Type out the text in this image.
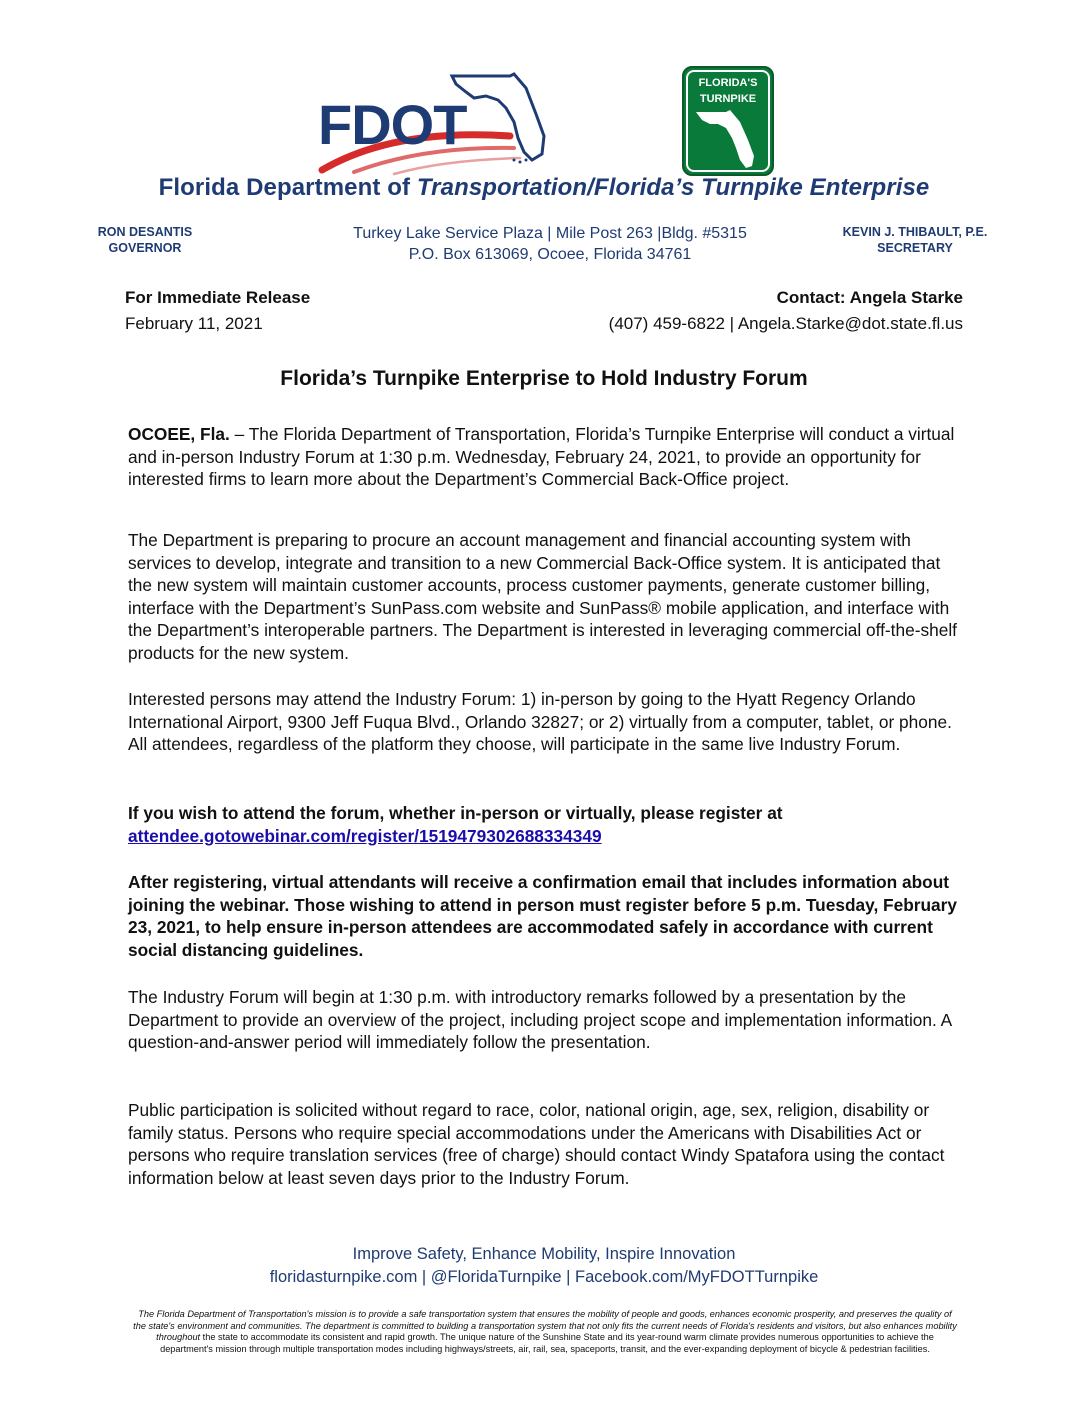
FDOT
FLORIDA'S
TURNPIKE
Florida Department of Transportation/Florida’s Turnpike Enterprise
RON DESANTIS
GOVERNOR
Turkey Lake Service Plaza | Mile Post 263 |Bldg. #5315
P.O. Box 613069, Ocoee, Florida 34761
KEVIN J. THIBAULT, P.E.
SECRETARY
For Immediate Release
February 11, 2021
Contact: Angela Starke
(407) 459-6822 | Angela.Starke@dot.state.fl.us
Florida’s Turnpike Enterprise to Hold Industry Forum
OCOEE, Fla. – The Florida Department of Transportation, Florida’s Turnpike Enterprise will conduct a virtual and in-person Industry Forum at 1:30 p.m. Wednesday, February 24, 2021, to provide an opportunity for interested firms to learn more about the Department’s Commercial Back-Office project.
The Department is preparing to procure an account management and financial accounting system with services to develop, integrate and transition to a new Commercial Back-Office system. It is anticipated that the new system will maintain customer accounts, process customer payments, generate customer billing, interface with the Department’s SunPass.com website and SunPass® mobile application, and interface with the Department’s interoperable partners. The Department is interested in leveraging commercial off-the-shelf products for the new system.
Interested persons may attend the Industry Forum: 1) in-person by going to the Hyatt Regency Orlando International Airport, 9300 Jeff Fuqua Blvd., Orlando 32827; or 2) virtually from a computer, tablet, or phone. All attendees, regardless of the platform they choose, will participate in the same live Industry Forum.
If you wish to attend the forum, whether in-person or virtually, please register at
attendee.gotowebinar.com/register/1519479302688334349
After registering, virtual attendants will receive a confirmation email that includes information about joining the webinar. Those wishing to attend in person must register before 5 p.m. Tuesday, February 23, 2021, to help ensure in-person attendees are accommodated safely in accordance with current social distancing guidelines.
The Industry Forum will begin at 1:30 p.m. with introductory remarks followed by a presentation by the Department to provide an overview of the project, including project scope and implementation information. A question-and-answer period will immediately follow the presentation.
Public participation is solicited without regard to race, color, national origin, age, sex, religion, disability or family status. Persons who require special accommodations under the Americans with Disabilities Act or persons who require translation services (free of charge) should contact Windy Spatafora using the contact information below at least seven days prior to the Industry Forum.
Improve Safety, Enhance Mobility, Inspire Innovation
floridasturnpike.com | @FloridaTurnpike | Facebook.com/MyFDOTTurnpike
The Florida Department of Transportation's mission is to provide a safe transportation system that ensures the mobility of people and goods, enhances economic prosperity, and preserves the quality of the state's environment and communities. The department is committed to building a transportation system that not only fits the current needs of Florida's residents and visitors, but also enhances mobility throughout the state to accommodate its consistent and rapid growth. The unique nature of the Sunshine State and its year-round warm climate provides numerous opportunities to achieve the department's mission through multiple transportation modes including highways/streets, air, rail, sea, spaceports, transit, and the ever-expanding deployment of bicycle & pedestrian facilities.
